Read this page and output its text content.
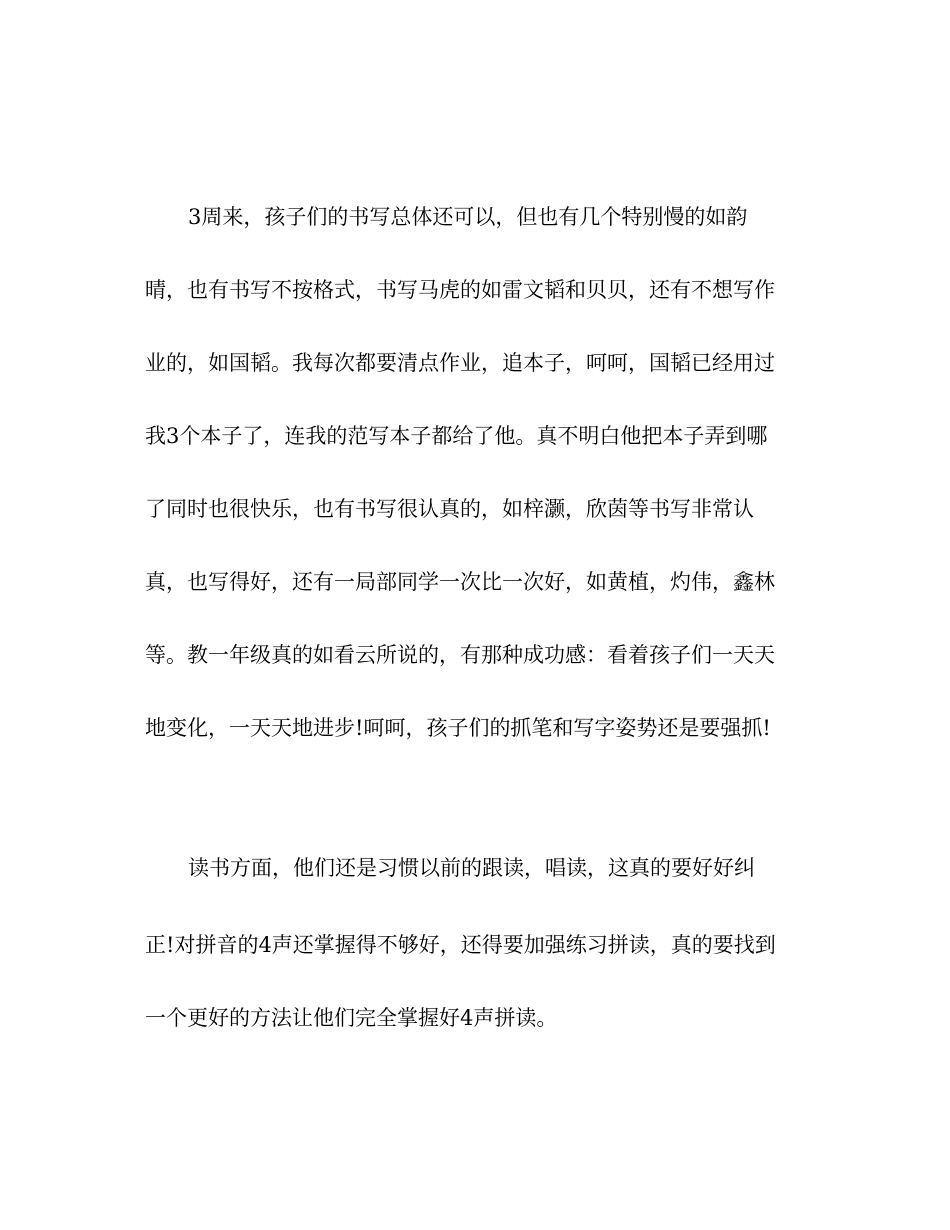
3周来，孩子们的书写总体还可以，但也有几个特别慢的如韵
晴，也有书写不按格式，书写马虎的如雷文韬和贝贝，还有不想写作
业的，如国韬。我每次都要清点作业，追本子，呵呵，国韬已经用过
我3个本子了，连我的范写本子都给了他。真不明白他把本子弄到哪
了同时也很快乐，也有书写很认真的，如梓灏，欣茵等书写非常认
真，也写得好，还有一局部同学一次比一次好，如黄植，灼伟，鑫林
等。教一年级真的如看云所说的，有那种成功感：看着孩子们一天天
地变化，一天天地进步!呵呵，孩子们的抓笔和写字姿势还是要强抓!
读书方面，他们还是习惯以前的跟读，唱读，这真的要好好纠
正!对拼音的4声还掌握得不够好，还得要加强练习拼读，真的要找到
一个更好的方法让他们完全掌握好4声拼读。
